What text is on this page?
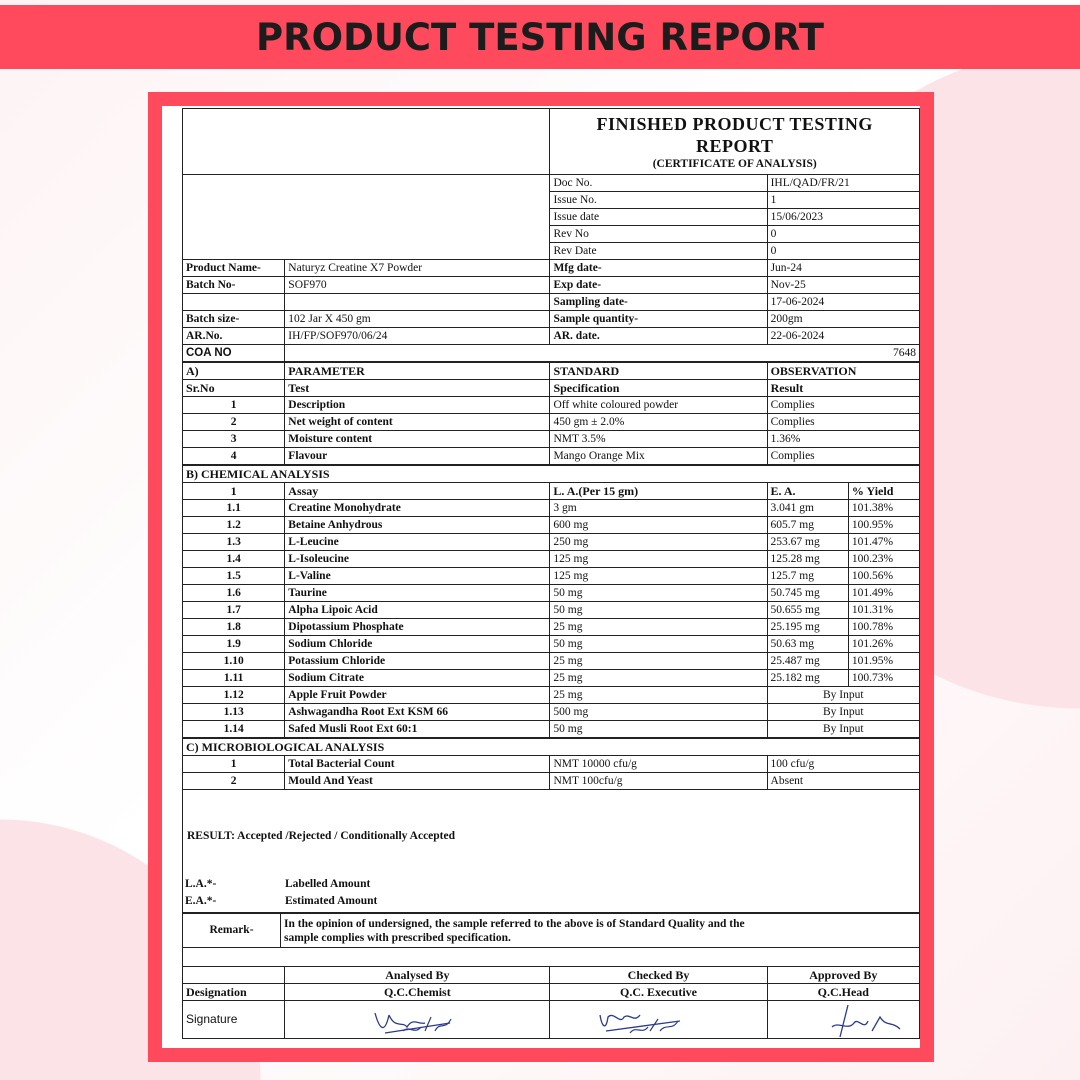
PRODUCT TESTING REPORT

		FINISHED PRODUCT TESTING
REPORT
(CERTIFICATE OF ANALYSIS)	

		Doc No.	IHL/QAD/FR/21
		Issue No.	1
		Issue date	15/06/2023
		Rev No	0
		Rev Date	0
Product Name-	Naturyz Creatine X7 Powder	Mfg date-	Jun-24
Batch No-	SOF970	Exp date-	Nov-25
		Sampling date-	17-06-2024
Batch size-	102 Jar X 450 gm	Sample quantity-	200gm
AR.No.	IH/FP/SOF970/06/24	AR. date.	22-06-2024
COA NO	7648		
A)	PARAMETER	STANDARD	OBSERVATION
Sr.No	Test	Specification	Result
1	Description	Off white coloured powder	Complies
2	Net weight of content	450 gm ± 2.0%	Complies
3	Moisture content	NMT 3.5%	1.36%
4	Flavour	Mango Orange Mix	Complies
B) CHEMICAL ANALYSIS				
1	Assay	L. A.(Per 15 gm)	E. A.	% Yield
1.1	Creatine Monohydrate	3 gm	3.041 gm	101.38%
1.2	Betaine Anhydrous	600 mg	605.7 mg	100.95%
1.3	L-Leucine	250 mg	253.67 mg	101.47%
1.4	L-Isoleucine	125 mg	125.28 mg	100.23%
1.5	L-Valine	125 mg	125.7 mg	100.56%
1.6	Taurine	50 mg	50.745 mg	101.49%
1.7	Alpha Lipoic Acid	50 mg	50.655 mg	101.31%
1.8	Dipotassium Phosphate	25 mg	25.195 mg	100.78%
1.9	Sodium Chloride	50 mg	50.63 mg	101.26%
1.10	Potassium Chloride	25 mg	25.487 mg	101.95%
1.11	Sodium Citrate	25 mg	25.182 mg	100.73%
1.12	Apple Fruit Powder	25 mg	By Input	
1.13	Ashwagandha Root Ext KSM 66	500 mg	By Input	
1.14	Safed Musli Root Ext 60:1	50 mg	By Input	
C) MICROBIOLOGICAL ANALYSIS			
1	Total Bacterial Count	NMT 10000 cfu/g	100 cfu/g
2	Mould And Yeast	NMT 100cfu/g	Absent
RESULT: Accepted /Rejected / Conditionally Accepted
L.A.*-	Labelled Amount
E.A.*-	Estimated Amount
Remark-	
In the opinion of undersigned, the sample referred to the above is of Standard Quality and the
sample complies with prescribed specification.
	Analysed By	Checked By	Approved By
Designation	Q.C.Chemist	Q.C. Executive	Q.C.Head
Signature	
